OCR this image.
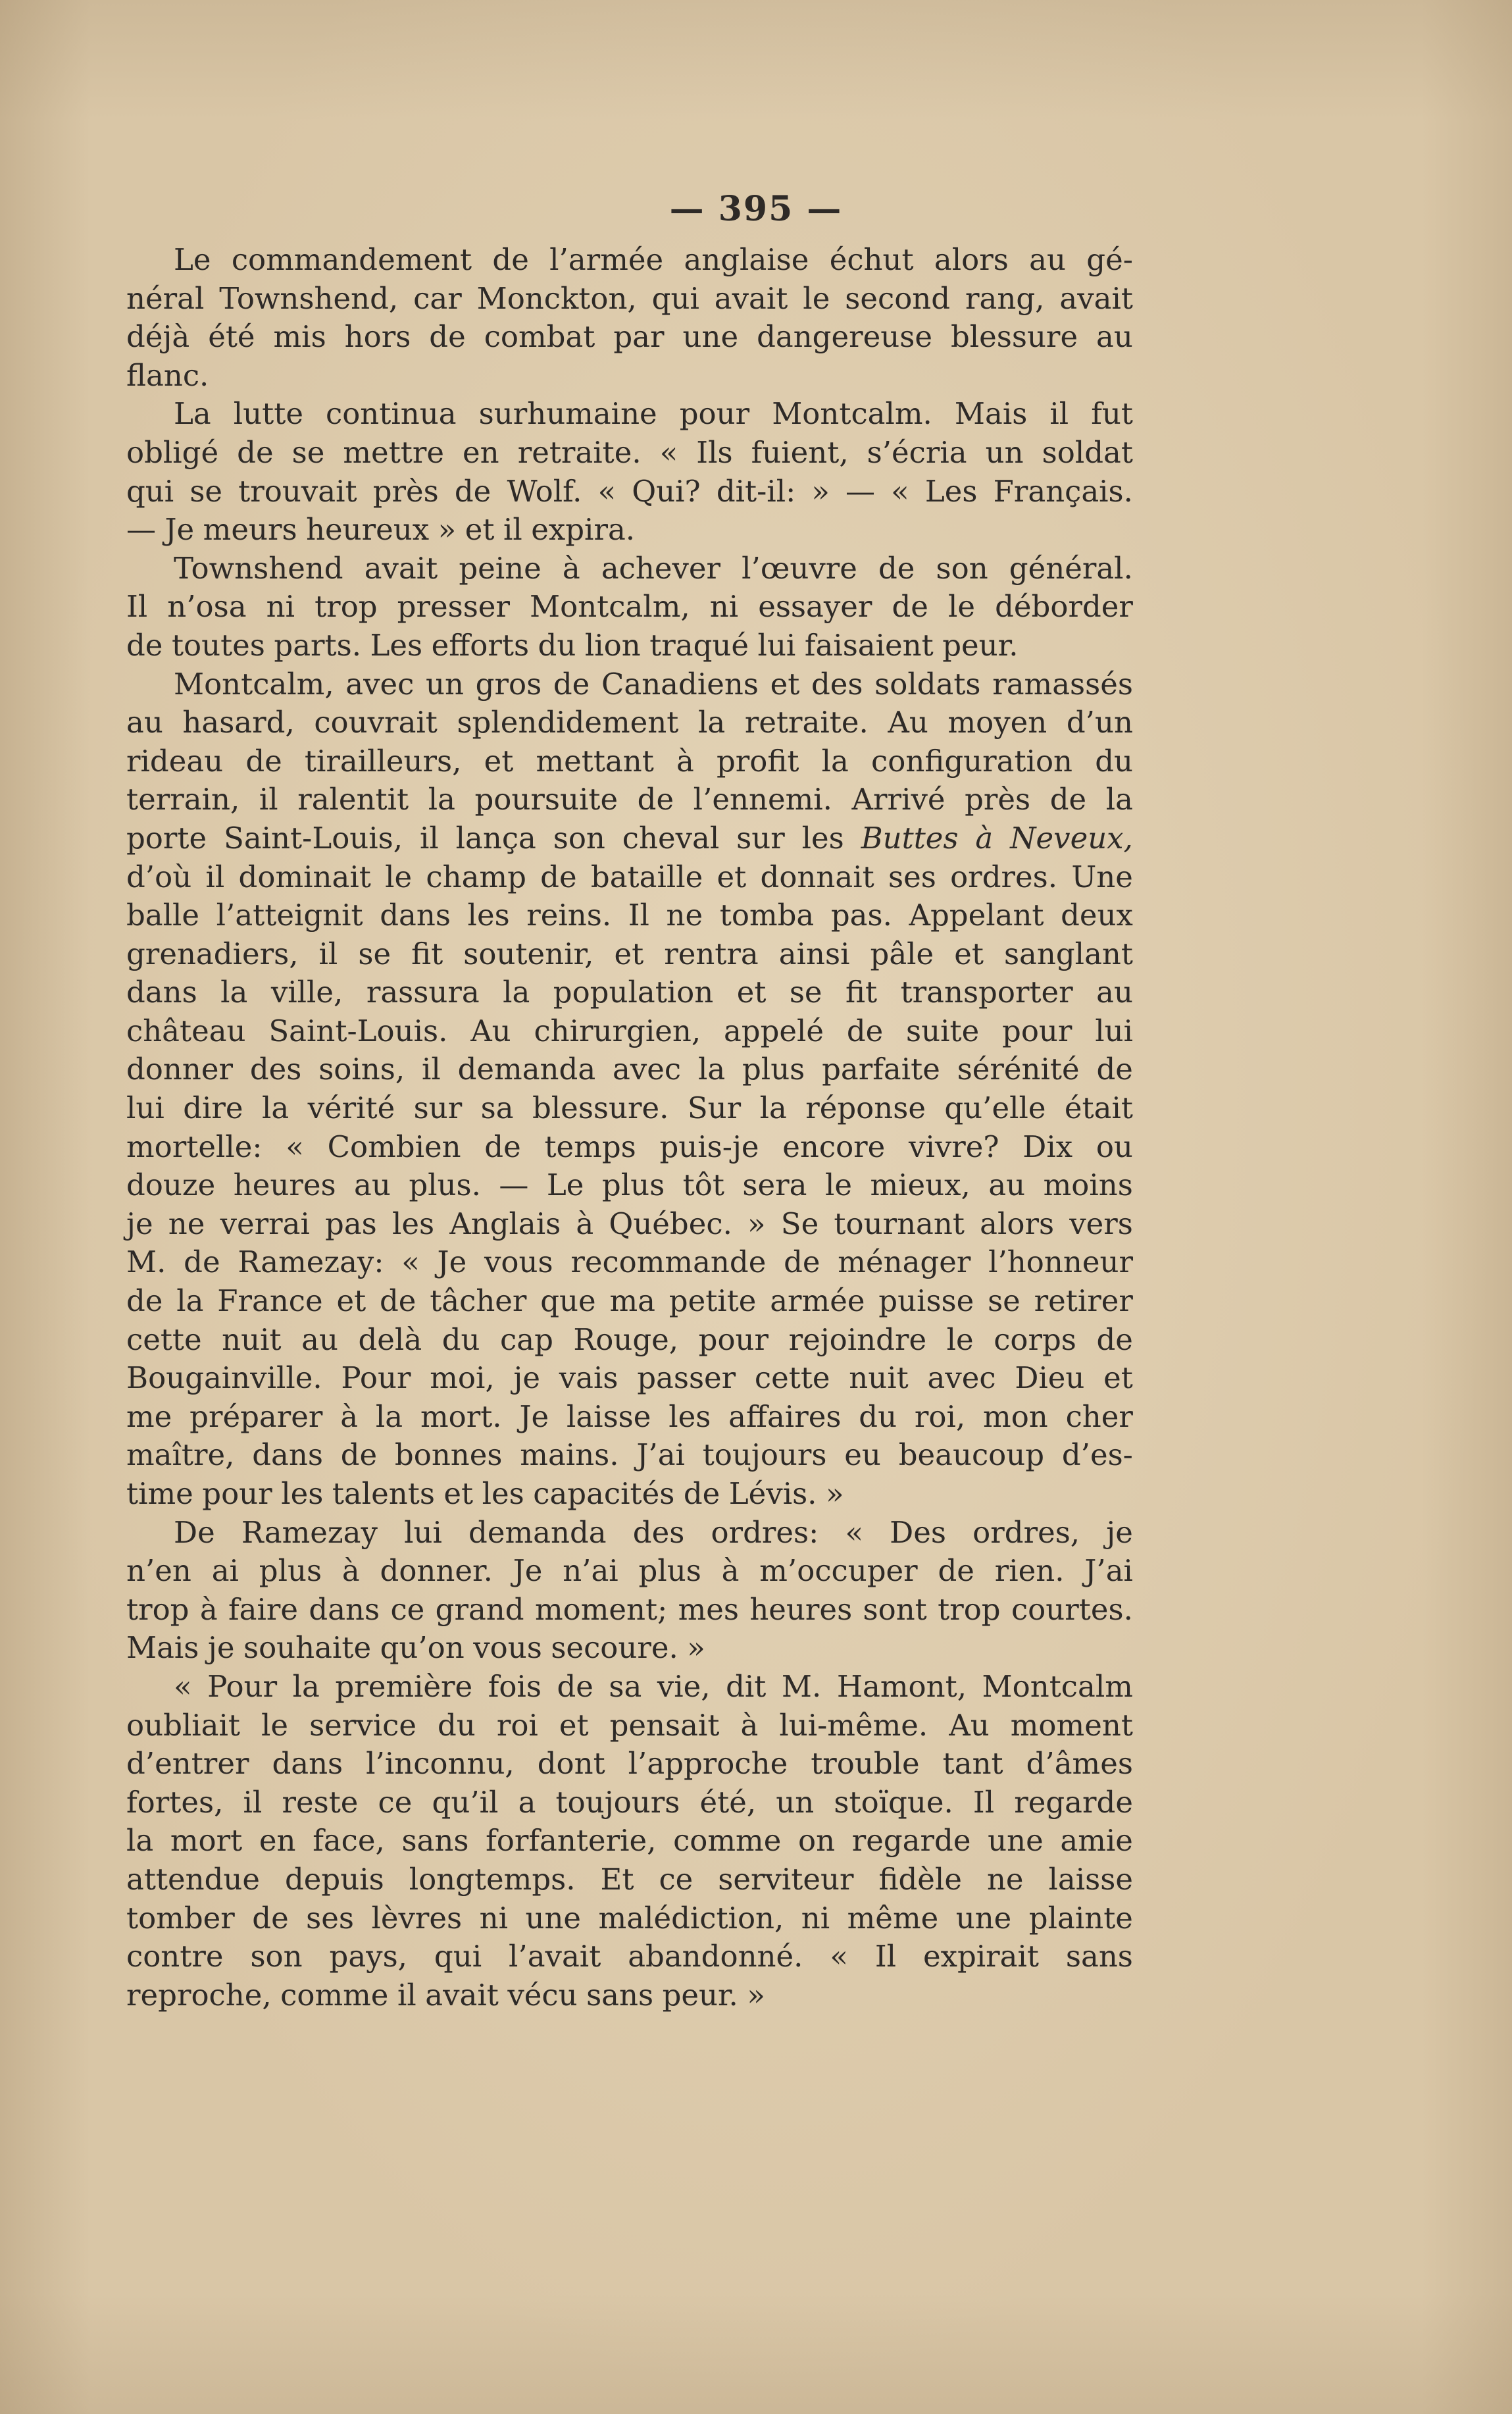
— 395 —
Le commandement de l’armée anglaise échut alors au gé-
néral Townshend, car Monckton, qui avait le second rang, avait
déjà été mis hors de combat par une dangereuse blessure au
flanc.
La lutte continua surhumaine pour Montcalm. Mais il fut
obligé de se mettre en retraite. « Ils fuient, s’écria un soldat
qui se trouvait près de Wolf. « Qui? dit-il: » — « Les Français.
— Je meurs heureux » et il expira.
Townshend avait peine à achever l’œuvre de son général.
Il n’osa ni trop presser Montcalm, ni essayer de le déborder
de toutes parts. Les efforts du lion traqué lui faisaient peur.
Montcalm, avec un gros de Canadiens et des soldats ramassés
au hasard, couvrait splendidement la retraite. Au moyen d’un
rideau de tirailleurs, et mettant à profit la configuration du
terrain, il ralentit la poursuite de l’ennemi. Arrivé près de la
porte Saint-Louis, il lança son cheval sur les Buttes à Neveux,
d’où il dominait le champ de bataille et donnait ses ordres. Une
balle l’atteignit dans les reins. Il ne tomba pas. Appelant deux
grenadiers, il se fit soutenir, et rentra ainsi pâle et sanglant
dans la ville, rassura la population et se fit transporter au
château Saint-Louis. Au chirurgien, appelé de suite pour lui
donner des soins, il demanda avec la plus parfaite sérénité de
lui dire la vérité sur sa blessure. Sur la réponse qu’elle était
mortelle: « Combien de temps puis-je encore vivre? Dix ou
douze heures au plus. — Le plus tôt sera le mieux, au moins
je ne verrai pas les Anglais à Québec. » Se tournant alors vers
M. de Ramezay: « Je vous recommande de ménager l’honneur
de la France et de tâcher que ma petite armée puisse se retirer
cette nuit au delà du cap Rouge, pour rejoindre le corps de
Bougainville. Pour moi, je vais passer cette nuit avec Dieu et
me préparer à la mort. Je laisse les affaires du roi, mon cher
maître, dans de bonnes mains. J’ai toujours eu beaucoup d’es-
time pour les talents et les capacités de Lévis. »
De Ramezay lui demanda des ordres: « Des ordres, je
n’en ai plus à donner. Je n’ai plus à m’occuper de rien. J’ai
trop à faire dans ce grand moment; mes heures sont trop courtes.
Mais je souhaite qu’on vous secoure. »
« Pour la première fois de sa vie, dit M. Hamont, Montcalm
oubliait le service du roi et pensait à lui-même. Au moment
d’entrer dans l’inconnu, dont l’approche trouble tant d’âmes
fortes, il reste ce qu’il a toujours été, un stoïque. Il regarde
la mort en face, sans forfanterie, comme on regarde une amie
attendue depuis longtemps. Et ce serviteur fidèle ne laisse
tomber de ses lèvres ni une malédiction, ni même une plainte
contre son pays, qui l’avait abandonné. « Il expirait sans
reproche, comme il avait vécu sans peur. »
